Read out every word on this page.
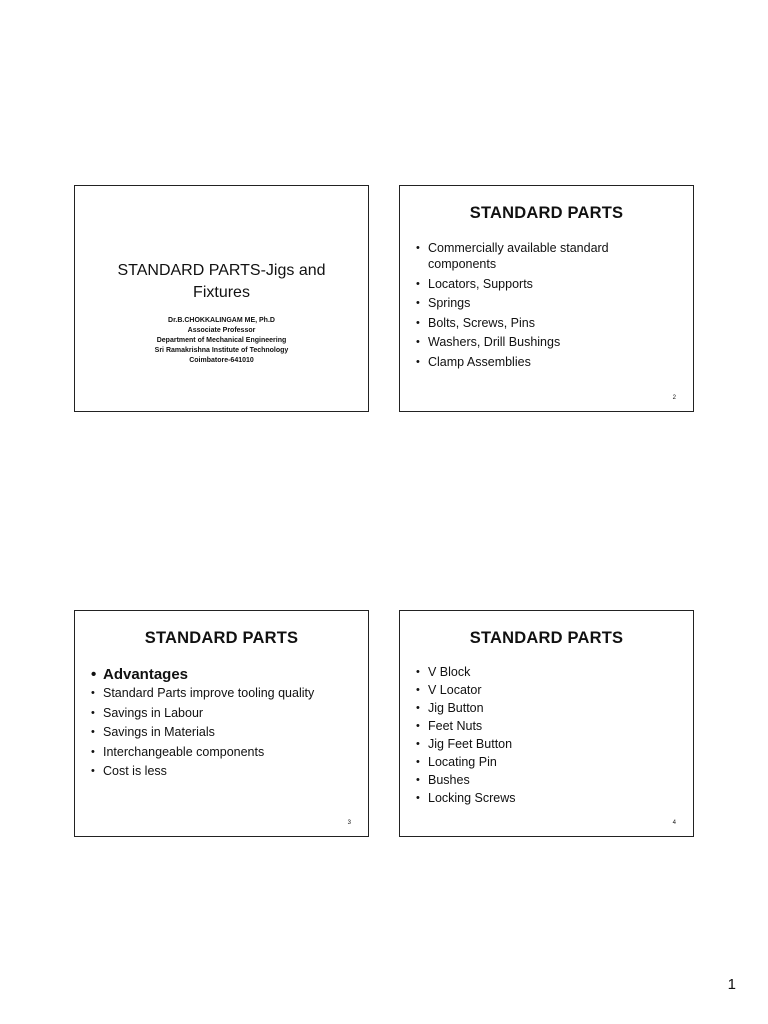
STANDARD PARTS-Jigs and Fixtures
Dr.B.CHOKKALINGAM ME, Ph.D
Associate Professor
Department of Mechanical Engineering
Sri Ramakrishna Institute of Technology
Coimbatore-641010
STANDARD PARTS
• Commercially available standard components
• Locators, Supports
• Springs
• Bolts, Screws, Pins
• Washers, Drill Bushings
• Clamp Assemblies
2
STANDARD PARTS
• Advantages
• Standard Parts improve tooling quality
• Savings in Labour
• Savings in Materials
• Interchangeable components
• Cost is less
3
STANDARD PARTS
• V Block
• V Locator
• Jig Button
• Feet Nuts
• Jig Feet Button
• Locating Pin
• Bushes
• Locking Screws
4
1
